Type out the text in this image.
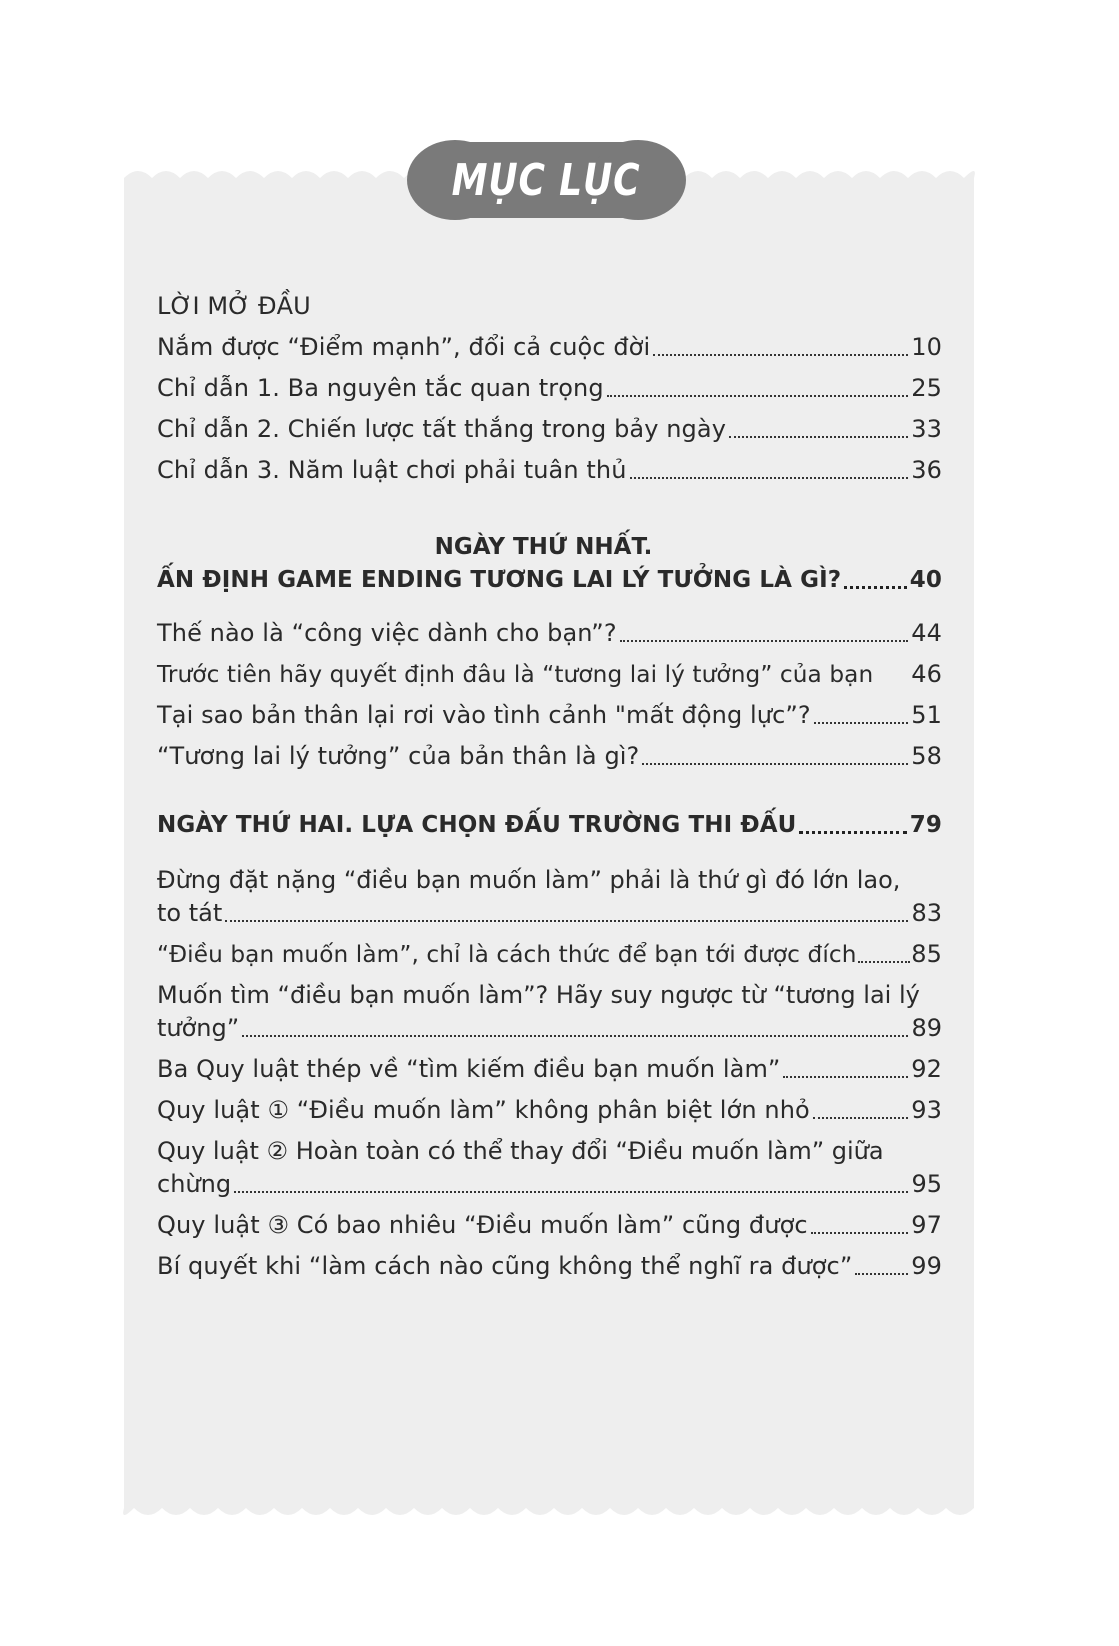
MỤC LỤC
LỜI MỞ ĐẦU
Nắm được “Điểm mạnh”, đổi cả cuộc đời	10
Chỉ dẫn 1. Ba nguyên tắc quan trọng	25
Chỉ dẫn 2. Chiến lược tất thắng trong bảy ngày	33
Chỉ dẫn 3. Năm luật chơi phải tuân thủ	36
NGÀY THỨ NHẤT.
ẤN ĐỊNH GAME ENDING TƯƠNG LAI LÝ TƯỞNG LÀ GÌ?	40
Thế nào là “công việc dành cho bạn”?	44
Trước tiên hãy quyết định đâu là “tương lai lý tưởng” của bạn 46
Tại sao bản thân lại rơi vào tình cảnh "mất động lực”?	51
“Tương lai lý tưởng” của bản thân là gì?	58
NGÀY THỨ HAI. LỰA CHỌN ĐẤU TRƯỜNG THI ĐẤU	79
Đừng đặt nặng “điều bạn muốn làm” phải là thứ gì đó lớn lao,
to tát	83
“Điều bạn muốn làm”, chỉ là cách thức để bạn tới được đích 85
Muốn tìm “điều bạn muốn làm”? Hãy suy ngược từ “tương lai lý
tưởng”	89
Ba Quy luật thép về “tìm kiếm điều bạn muốn làm”	92
Quy luật ① “Điều muốn làm” không phân biệt lớn nhỏ	93
Quy luật ② Hoàn toàn có thể thay đổi “Điều muốn làm” giữa
chừng	95
Quy luật ③ Có bao nhiêu “Điều muốn làm” cũng được	97
Bí quyết khi “làm cách nào cũng không thể nghĩ ra được” 99
